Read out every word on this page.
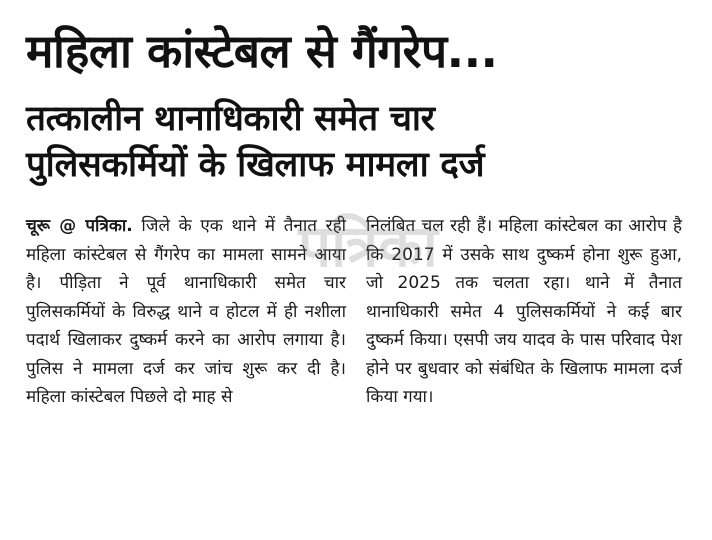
महिला कांस्टेबल से गैंगरेप...
तत्कालीन थानाधिकारी समेत चार
पुलिसकर्मियों के खिलाफ मामला दर्ज
चूरू @ पत्रिका. जिले के एक थाने में तैनात रही महिला कांस्टेबल से गैंगरेप का मामला सामने आया है। पीड़िता ने पूर्व थानाधिकारी समेत चार पुलिसकर्मियों के विरुद्ध थाने व होटल में ही नशीला पदार्थ खिलाकर दुष्कर्म करने का आरोप लगाया है। पुलिस ने मामला दर्ज कर जांच शुरू कर दी है। महिला कांस्टेबल पिछले दो माह से
निलंबित चल रही हैं। महिला कांस्टेबल का आरोप है कि 2017 में उसके साथ दुष्कर्म होना शुरू हुआ, जो 2025 तक चलता रहा। थाने में तैनात थानाधिकारी समेत 4 पुलिसकर्मियों ने कई बार दुष्कर्म किया। एसपी जय यादव के पास परिवाद पेश होने पर बुधवार को संबंधित के खिलाफ मामला दर्ज किया गया।
पत्रिका
